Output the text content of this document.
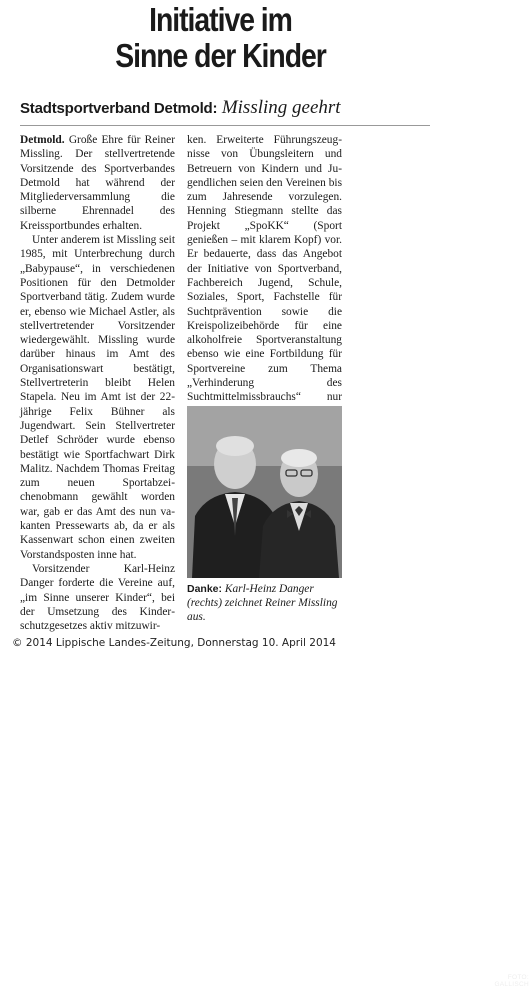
Initiative im
Sinne der Kinder
Stadtsportverband Detmold: Missling geehrt

Detmold. Große Ehre für Reiner Missling. Der stellvertretende Vorsitzende des Sportverbandes Detmold hat während der Mitgliederversammlung die silberne Ehrennadel des Kreissportbundes erhalten.

Unter anderem ist Missling seit 1985, mit Unterbrechung durch „Babypause“, in verschiedenen Positionen für den Detmolder Sportverband tätig. Zudem wurde er, ebenso wie Michael Astler, als stellvertretender Vorsitzender wiedergewählt. Missling wurde darüber hinaus im Amt des Organisationswart bestätigt, Stellvertreterin bleibt Helen Stapela. Neu im Amt ist der 22-jährige Felix Bühner als Jugendwart. Sein Stellvertreter Detlef Schröder wurde ebenso bestätigt wie Sportfachwart Dirk Malitz. Nachdem Thomas Freitag zum neuen Sportabzeichenobmann gewählt worden war, gab er das Amt des nun vakanten Pressewarts ab, da er als Kassenwart schon einen zweiten Vorstandsposten inne hat.

Vorsitzender Karl-Heinz Danger forderte die Vereine auf, „im Sinne unserer Kinder“, bei der Umsetzung des Kinderschutzgesetzes aktiv mitzuwir-

ken. Erweiterte Führungszeugnisse von Übungsleitern und Betreuern von Kindern und Jugendlichen seien den Vereinen bis zum Jahresende vorzulegen. Henning Stiegmann stellte das Projekt „SpoKK“ (Sport genießen – mit klarem Kopf) vor. Er bedauerte, dass das Angebot der Initiative von Sportverband, Fachbereich Jugend, Schule, Soziales, Sport, Fachstelle für Suchtprävention sowie die Kreispolizeibehörde für eine alkoholfreie Sportveranstaltung ebenso wie eine Fortbildung für Sportvereine zum Thema „Verhinderung des Suchtmittelmissbrauchs“ nur

FOTO: GALLISCH
Danke: Karl-Heinz Danger (rechts) zeichnet Reiner Missling aus.
© 2014 Lippische Landes-Zeitung, Donnerstag 10. April 2014
